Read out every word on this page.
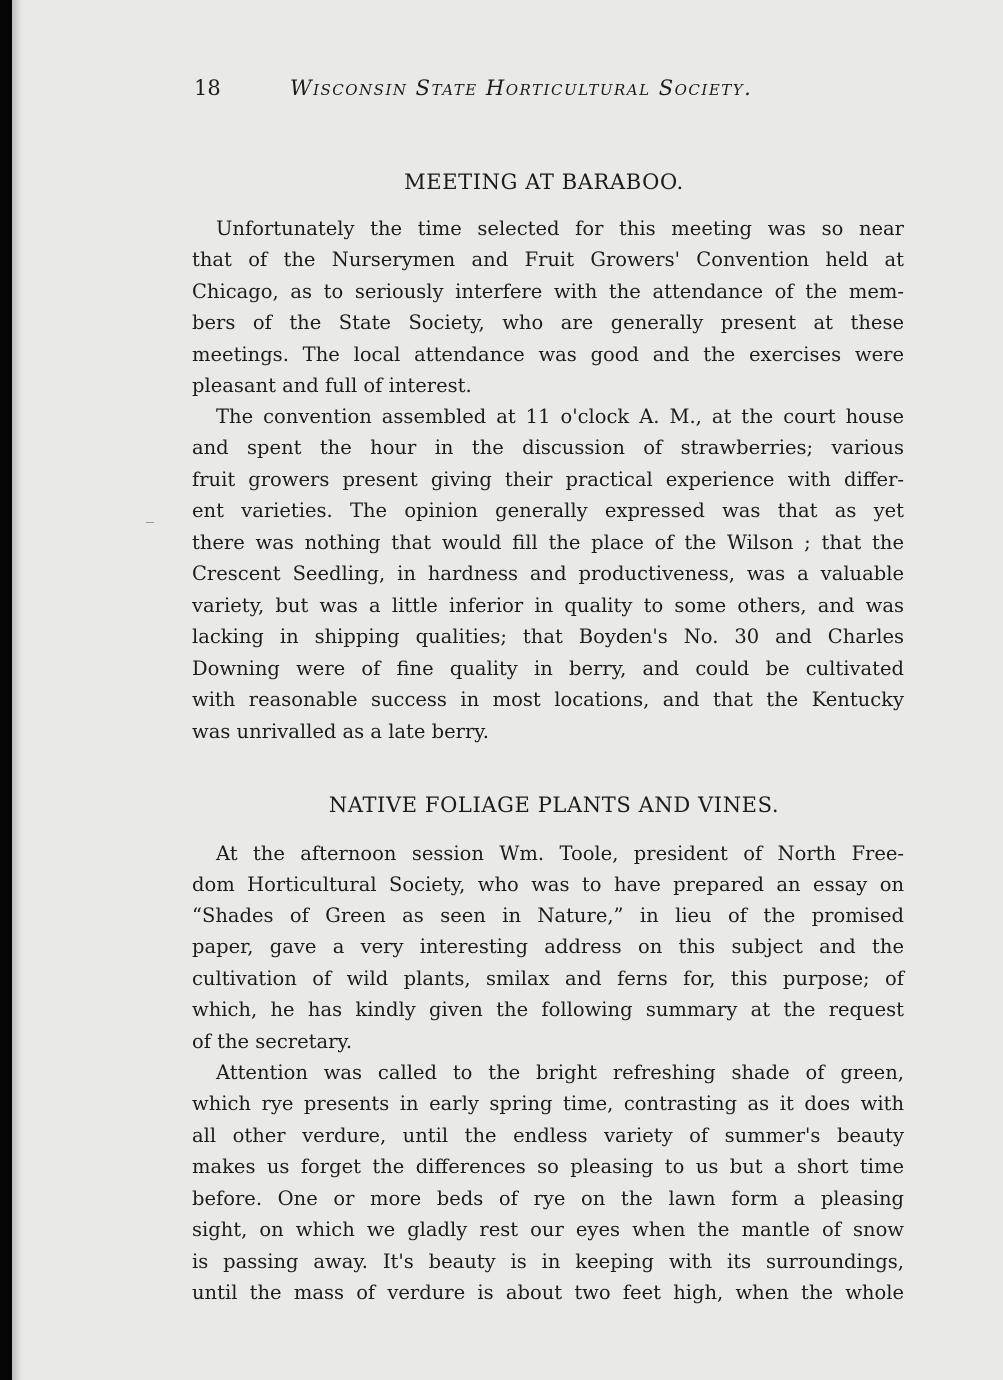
18	Wisconsin State Horticultural Society.
MEETING AT BARABOO.
Unfortunately the time selected for this meeting was so near
that of the Nurserymen and Fruit Growers' Convention held at
Chicago, as to seriously interfere with the attendance of the mem-
bers of the State Society, who are generally present at these
meetings. The local attendance was good and the exercises were
pleasant and full of interest.
The convention assembled at 11 o'clock A. M., at the court house
and spent the hour in the discussion of strawberries; various
fruit growers present giving their practical experience with differ-
ent varieties. The opinion generally expressed was that as yet
there was nothing that would fill the place of the Wilson ; that the
Crescent Seedling, in hardness and productiveness, was a valuable
variety, but was a little inferior in quality to some others, and was
lacking in shipping qualities; that Boyden's No. 30 and Charles
Downing were of fine quality in berry, and could be cultivated
with reasonable success in most locations, and that the Kentucky
was unrivalled as a late berry.
NATIVE FOLIAGE PLANTS AND VINES.
At the afternoon session Wm. Toole, president of North Free-
dom Horticultural Society, who was to have prepared an essay on
“Shades of Green as seen in Nature,” in lieu of the promised
paper, gave a very interesting address on this subject and the
cultivation of wild plants, smilax and ferns for, this purpose; of
which, he has kindly given the following summary at the request
of the secretary.
Attention was called to the bright refreshing shade of green,
which rye presents in early spring time, contrasting as it does with
all other verdure, until the endless variety of summer's beauty
makes us forget the differences so pleasing to us but a short time
before. One or more beds of rye on the lawn form a pleasing
sight, on which we gladly rest our eyes when the mantle of snow
is passing away. It's beauty is in keeping with its surroundings,
until the mass of verdure is about two feet high, when the whole
